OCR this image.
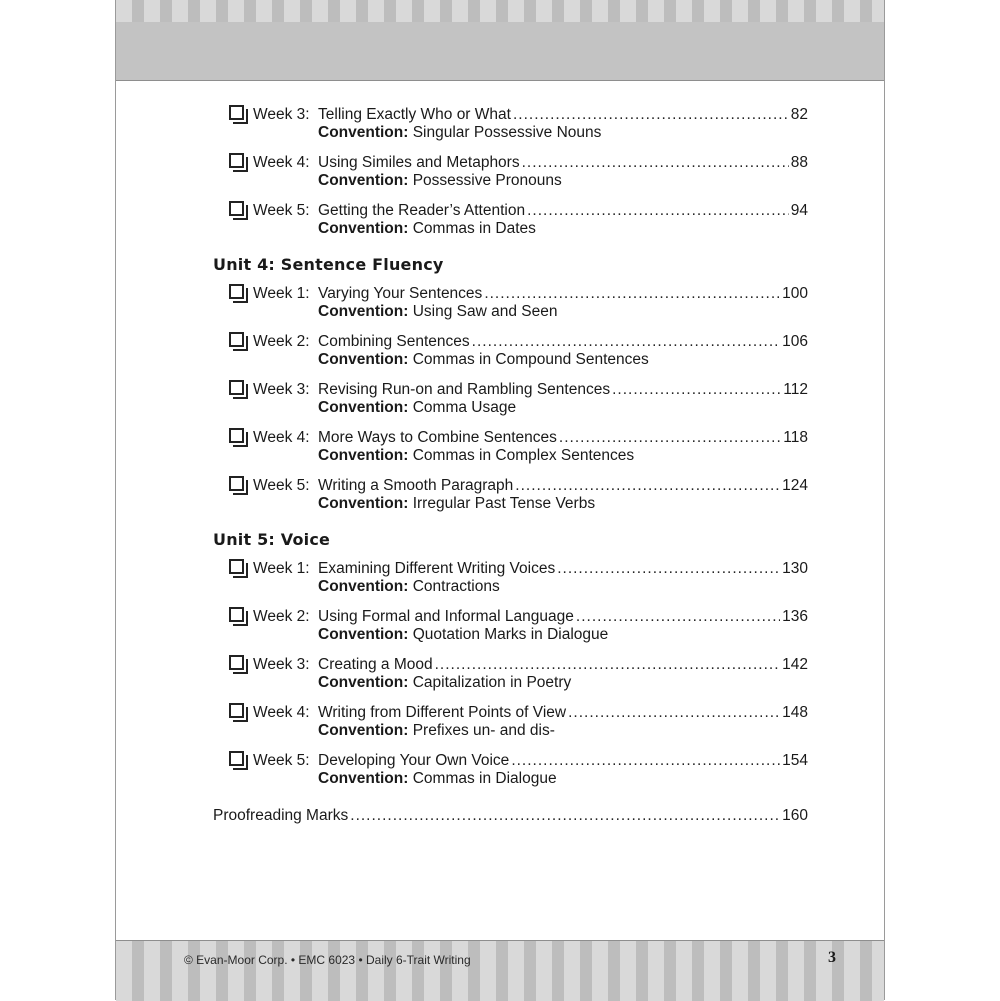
© Evan-Moor Corp. • EMC 6023 • Daily 6-Trait Writing	3
Week 3: Telling Exactly Who or What .....	82
Convention: Singular Possessive Nouns
Week 4: Using Similes and Metaphors .....	88
Convention: Possessive Pronouns
Week 5: Getting the Reader’s Attention .....	94
Convention: Commas in Dates
Unit 4: Sentence Fluency
Week 1: Varying Your Sentences .....	100
Convention: Using Saw and Seen
Week 2: Combining Sentences .....	106
Convention: Commas in Compound Sentences
Week 3: Revising Run-on and Rambling Sentences .....	112
Convention: Comma Usage
Week 4: More Ways to Combine Sentences .....	118
Convention: Commas in Complex Sentences
Week 5: Writing a Smooth Paragraph .....	124
Convention: Irregular Past Tense Verbs
Unit 5: Voice
Week 1: Examining Different Writing Voices .....	130
Convention: Contractions
Week 2: Using Formal and Informal Language .....	136
Convention: Quotation Marks in Dialogue
Week 3: Creating a Mood .....	142
Convention: Capitalization in Poetry
Week 4: Writing from Different Points of View .....	148
Convention: Prefixes un- and dis-
Week 5: Developing Your Own Voice .....	154
Convention: Commas in Dialogue
Proofreading Marks .....	160
